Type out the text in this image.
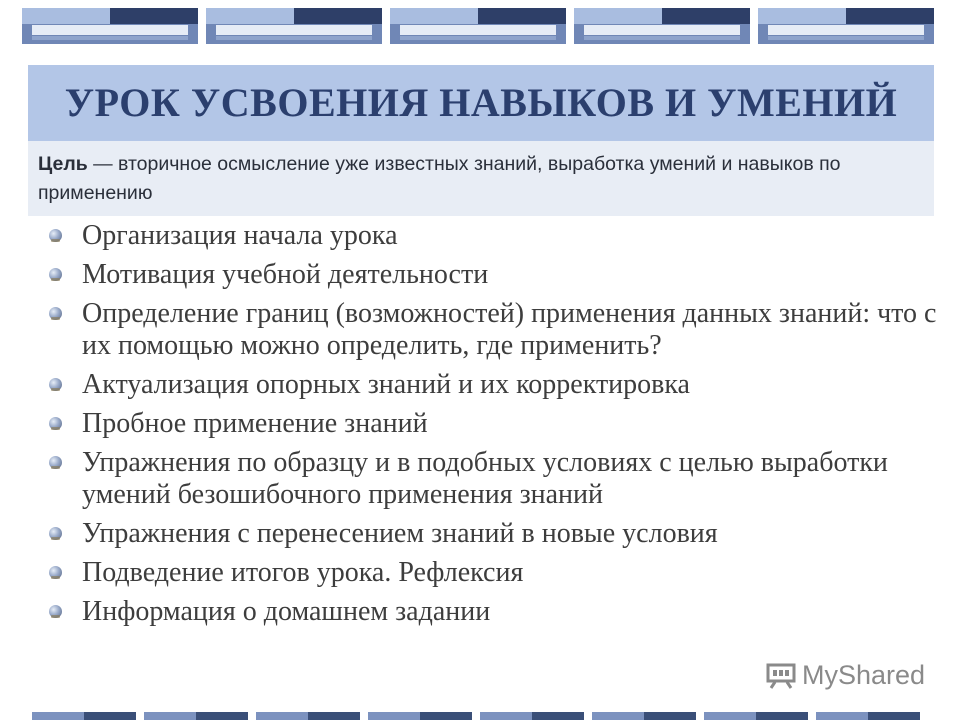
УРОК УСВОЕНИЯ НАВЫКОВ И УМЕНИЙ
Цель — вторичное осмысление уже известных знаний, выработка умений и навыков по применению
Организация начала урока
Мотивация учебной деятельности
Определение границ (возможностей) применения данных знаний: что с их помощью можно определить, где применить?
Актуализация опорных знаний и их корректировка
Пробное применение знаний
Упражнения по образцу и в подобных условиях с целью выработки умений безошибочного применения знаний
Упражнения с перенесением знаний в новые условия
Подведение итогов урока. Рефлексия
Информация о домашнем задании
MyShared
